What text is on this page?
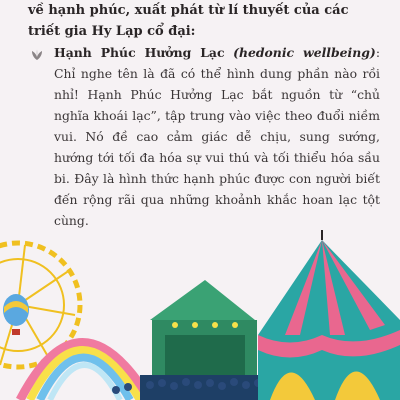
về hạnh phúc, xuất phát từ lí thuyết của các triết gia Hy Lạp cổ đại:

Hạnh Phúc Hưởng Lạc (hedonic wellbeing): Chỉ nghe tên là đã có thể hình dung phần nào rồi nhỉ! Hạnh Phúc Hưởng Lạc bắt nguồn từ “chủ nghĩa khoái lạc”, tập trung vào việc theo đuổi niềm vui. Nó đề cao cảm giác dễ chịu, sung sướng, hướng tới tối đa hóa sự vui thú và tối thiểu hóa sầu bi. Đây là hình thức hạnh phúc được con người biết đến rộng rãi qua những khoảnh khắc hoan lạc tột cùng.
